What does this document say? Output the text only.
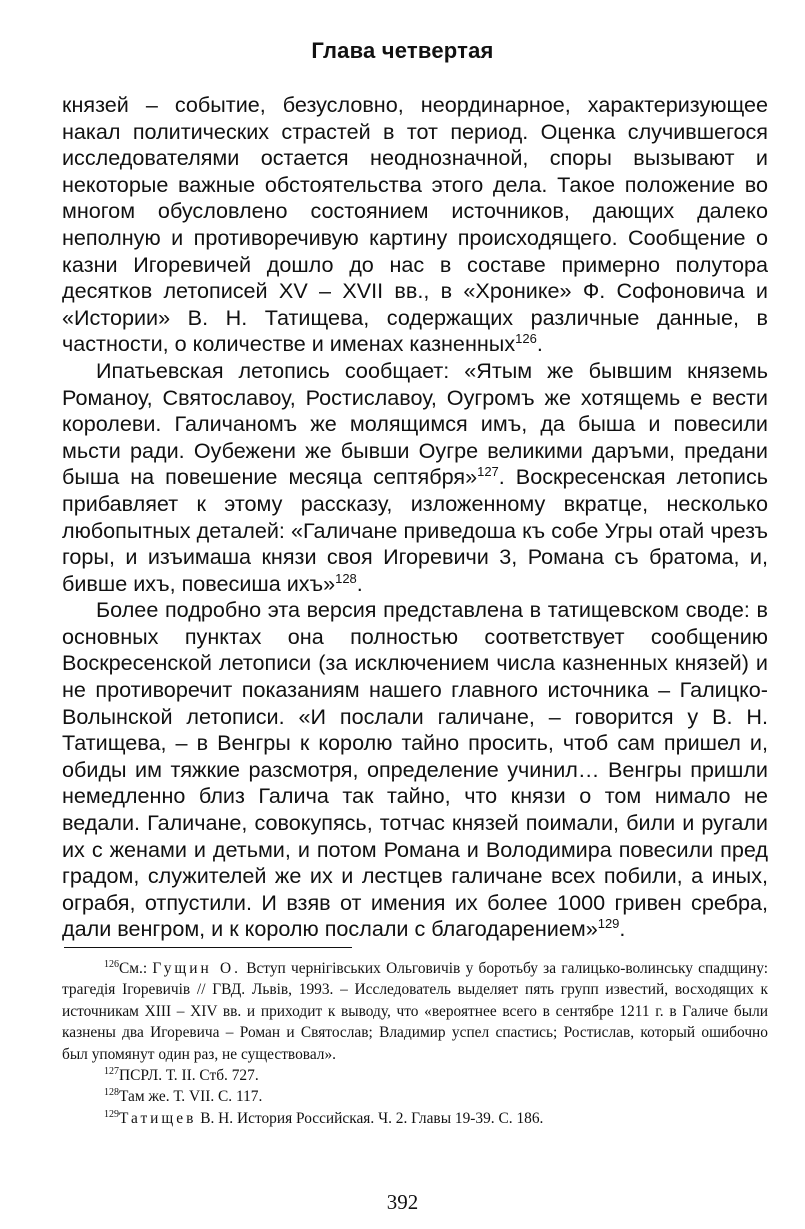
Глава четвертая

князей – событие, безусловно, неординарное, характеризующее накал политических страстей в тот период. Оценка случившегося исследователями остается неоднозначной, споры вызывают и некоторые важные обстоятельства этого дела. Такое положение во многом обусловлено состоянием источников, дающих далеко неполную и противоречивую картину происходящего. Сообщение о казни Игоревичей дошло до нас в составе примерно полутора десятков летописей XV – XVII вв., в «Хронике» Ф. Софоновича и «Истории» В. Н. Татищева, содержащих различные данные, в частности, о количестве и именах казненных$^{126}$.

Ипатьевская летопись сообщает: «Ятым же бывшим княземь Романоу, Святославоу, Ростиславоу, Оугромъ же хотящемь е вести королеви. Галичаномъ же молящимся имъ, да быша и повесили мьсти ради. Оубежени же бывши Оугре великими даръми, предани быша на повешение месяца септября»$^{127}$. Воскресенская летопись прибавляет к этому рассказу, изложенному вкратце, несколько любопытных деталей: «Галичане приведоша къ собе Угры отай чрезъ горы, и изъимаша князи своя Игоревичи 3, Романа съ братома, и, бивше ихъ, повесиша ихъ»$^{128}$.

Более подробно эта версия представлена в татищевском своде: в основных пунктах она полностью соответствует сообщению Воскресенской летописи (за исключением числа казненных князей) и не противоречит показаниям нашего главного источника – Галицко-Волынской летописи. «И послали галичане, – говорится у В. Н. Татищева, – в Венгры к королю тайно просить, чтоб сам пришел и, обиды им тяжкие разсмотря, определение учинил… Венгры пришли немедленно близ Галича так тайно, что князи о том нимало не ведали. Галичане, совокупясь, тотчас князей поимали, били и ругали их с женами и детьми, и потом Романа и Володимира повесили пред градом, служителей же их и лестцев галичане всех побили, а иных, ограбя, отпустили. И взяв от имения их более 1000 гривен сребра, дали венгром, и к королю послали с благодарением»$^{129}$.

$^{126}$См.: Гущин О. Вступ чернігівських Ольговичів у боротьбу за галицько-волинську спадщину: трагедія Ігоревичів // ГВД. Львів, 1993. – Исследователь выделяет пять групп известий, восходящих к источникам XIII – XIV вв. и приходит к выводу, что «вероятнее всего в сентябре 1211 г. в Галиче были казнены два Игоревича – Роман и Святослав; Владимир успел спастись; Ростислав, который ошибочно был упомянут один раз, не существовал».

$^{127}$ПСРЛ. Т. II. Стб. 727.

$^{128}$Там же. Т. VII. С. 117.

$^{129}$Татищев В. Н. История Российская. Ч. 2. Главы 19-39. С. 186.

392
